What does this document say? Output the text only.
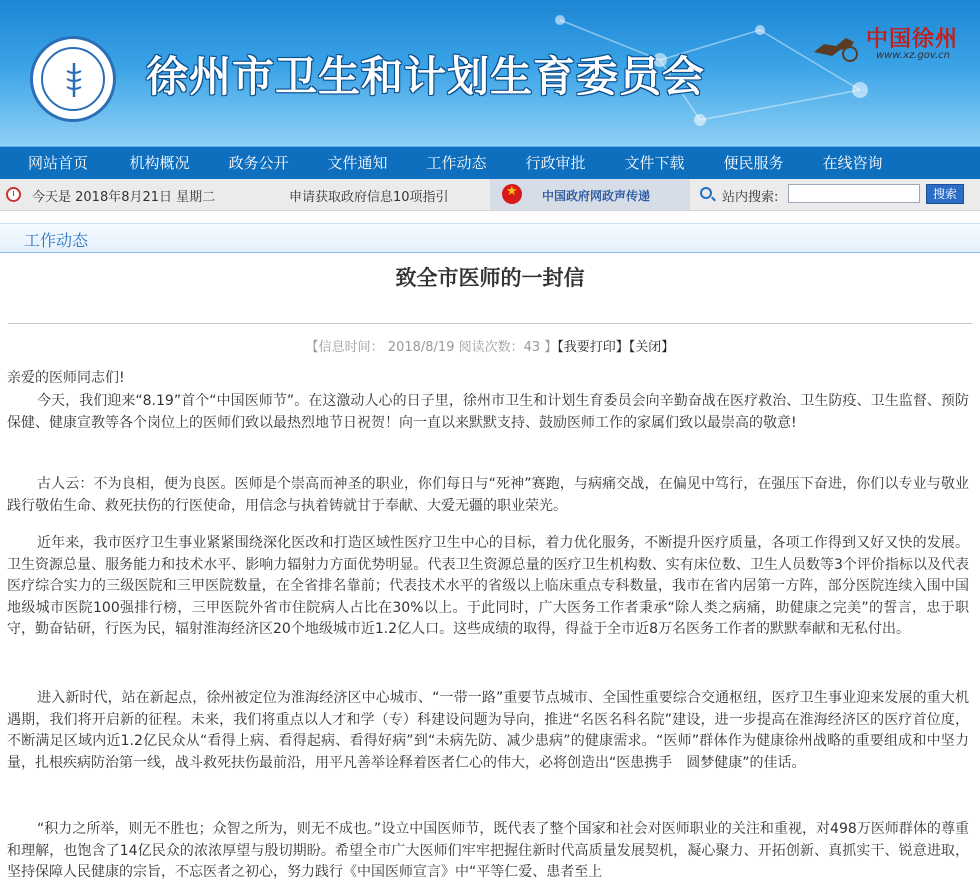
徐州市卫生和计划生育委员会
中国徐州
www.xz.gov.cn
网站首页	机构概况	政务公开	文件通知	工作动态	行政审批	文件下载	便民服务	在线咨询
今天是 2018年8月21日 星期二	申请获取政府信息10项指引
★	中国政府网政声传递	站内搜索:	搜索
工作动态
致全市医师的一封信
【信息时间： 2018/8/19 阅读次数：43 】【我要打印】【关闭】
亲爱的医师同志们!

今天，我们迎来“8.19”首个“中国医师节”。在这激动人心的日子里，徐州市卫生和计划生育委员会向辛勤奋战在医疗救治、卫生防疫、卫生监督、预防保健、健康宣教等各个岗位上的医师们致以最热烈地节日祝贺！向一直以来默默支持、鼓励医师工作的家属们致以最崇高的敬意!

古人云：不为良相，便为良医。医师是个崇高而神圣的职业，你们每日与“死神”赛跑，与病痛交战，在偏见中笃行，在强压下奋进，你们以专业与敬业践行敬佑生命、救死扶伤的行医使命，用信念与执着铸就甘于奉献、大爱无疆的职业荣光。

近年来，我市医疗卫生事业紧紧围绕深化医改和打造区域性医疗卫生中心的目标，着力优化服务，不断提升医疗质量，各项工作得到又好又快的发展。卫生资源总量、服务能力和技术水平、影响力辐射力方面优势明显。代表卫生资源总量的医疗卫生机构数、实有床位数、卫生人员数等3个评价指标以及代表医疗综合实力的三级医院和三甲医院数量，在全省排名靠前；代表技术水平的省级以上临床重点专科数量，我市在省内居第一方阵，部分医院连续入围中国地级城市医院100强排行榜，三甲医院外省市住院病人占比在30%以上。于此同时，广大医务工作者秉承“除人类之病痛，助健康之完美”的誓言，忠于职守，勤奋钻研，行医为民，辐射淮海经济区20个地级城市近1.2亿人口。这些成绩的取得，得益于全市近8万名医务工作者的默默奉献和无私付出。

进入新时代，站在新起点，徐州被定位为淮海经济区中心城市、“一带一路”重要节点城市、全国性重要综合交通枢纽，医疗卫生事业迎来发展的重大机遇期，我们将开启新的征程。未来，我们将重点以人才和学（专）科建设问题为导向，推进“名医名科名院”建设，进一步提高在淮海经济区的医疗首位度，不断满足区域内近1.2亿民众从“看得上病、看得起病、看得好病”到“未病先防、减少患病”的健康需求。“医师”群体作为健康徐州战略的重要组成和中坚力量，扎根疾病防治第一线，战斗救死扶伤最前沿，用平凡善举诠释着医者仁心的伟大，必将创造出“医患携手　圆梦健康”的佳话。

“积力之所举，则无不胜也；众智之所为，则无不成也。”设立中国医师节，既代表了整个国家和社会对医师职业的关注和重视，对498万医师群体的尊重和理解，也饱含了14亿民众的浓浓厚望与殷切期盼。希望全市广大医师们牢牢把握住新时代高质量发展契机，凝心聚力、开拓创新、真抓实干、锐意进取，坚持保障人民健康的宗旨，不忘医者之初心，努力践行《中国医师宣言》中“平等仁爱、患者至上
